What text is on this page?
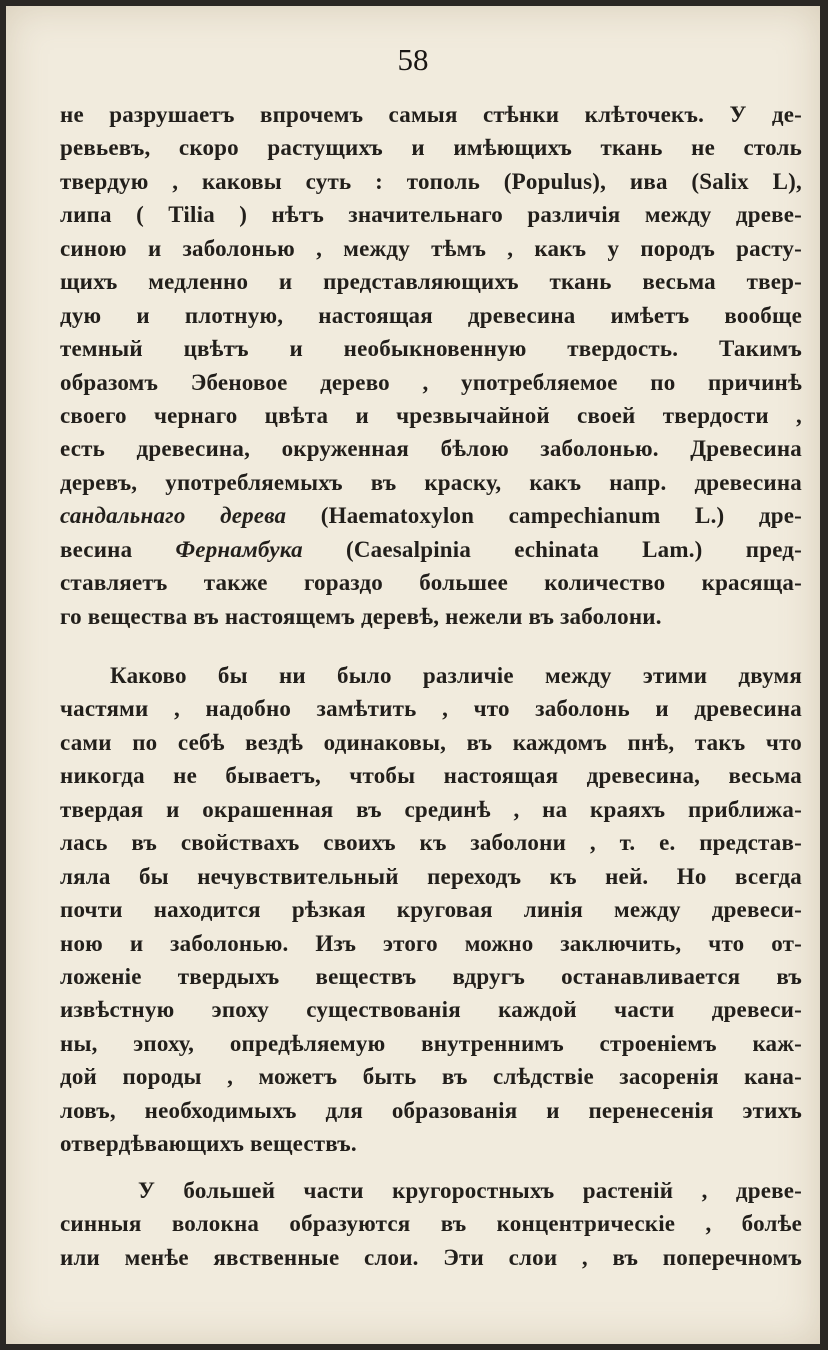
58
не разрушаетъ впрочемъ самыя стѣнки клѣточекъ. У де-
ревьевъ, скоро растущихъ и имѣющихъ ткань не столь
твердую , каковы суть : тополь (Populus), ива (Salix L),
липа ( Tilia ) нѣтъ значительнаго различія между древе-
синою и заболонью , между тѣмъ , какъ у породъ расту-
щихъ медленно и представляющихъ ткань весьма твер-
дую и плотную, настоящая древесина имѣетъ вообще
темный цвѣтъ и необыкновенную твердость. Такимъ
образомъ Эбеновое дерево , употребляемое по причинѣ
своего чернаго цвѣта и чрезвычайной своей твердости ,
есть древесина, окруженная бѣлою заболонью. Древесина
деревъ, употребляемыхъ въ краску, какъ напр. древесина
сандальнаго дерева (Haematoxylon campechianum L.) дре-
весина Фернамбука (Caesalpinia echinata Lam.) пред-
ставляетъ также гораздо большее количество красяща-
го вещества въ настоящемъ деревѣ, нежели въ заболони.
Каково бы ни было различіе между этими двумя
частями , надобно замѣтить , что заболонь и древесина
сами по себѣ вездѣ одинаковы, въ каждомъ пнѣ, такъ что
никогда не бываетъ, чтобы настоящая древесина, весьма
твердая и окрашенная въ срединѣ , на краяхъ приближа-
лась въ свойствахъ своихъ къ заболони , т. е. представ-
ляла бы нечувствительный переходъ къ ней. Но всегда
почти находится рѣзкая круговая линія между древеси-
ною и заболонью. Изъ этого можно заключить, что от-
ложеніе твердыхъ веществъ вдругъ останавливается въ
извѣстную эпоху существованія каждой части древеси-
ны, эпоху, опредѣляемую внутреннимъ строеніемъ каж-
дой породы , можетъ быть въ слѣдствіе засоренія кана-
ловъ, необходимыхъ для образованія и перенесенія этихъ
отвердѣвающихъ веществъ.
У большей части кругоростныхъ растеній , древе-
синныя волокна образуются въ концентрическіе , болѣе
или менѣе явственные слои. Эти слои , въ поперечномъ
